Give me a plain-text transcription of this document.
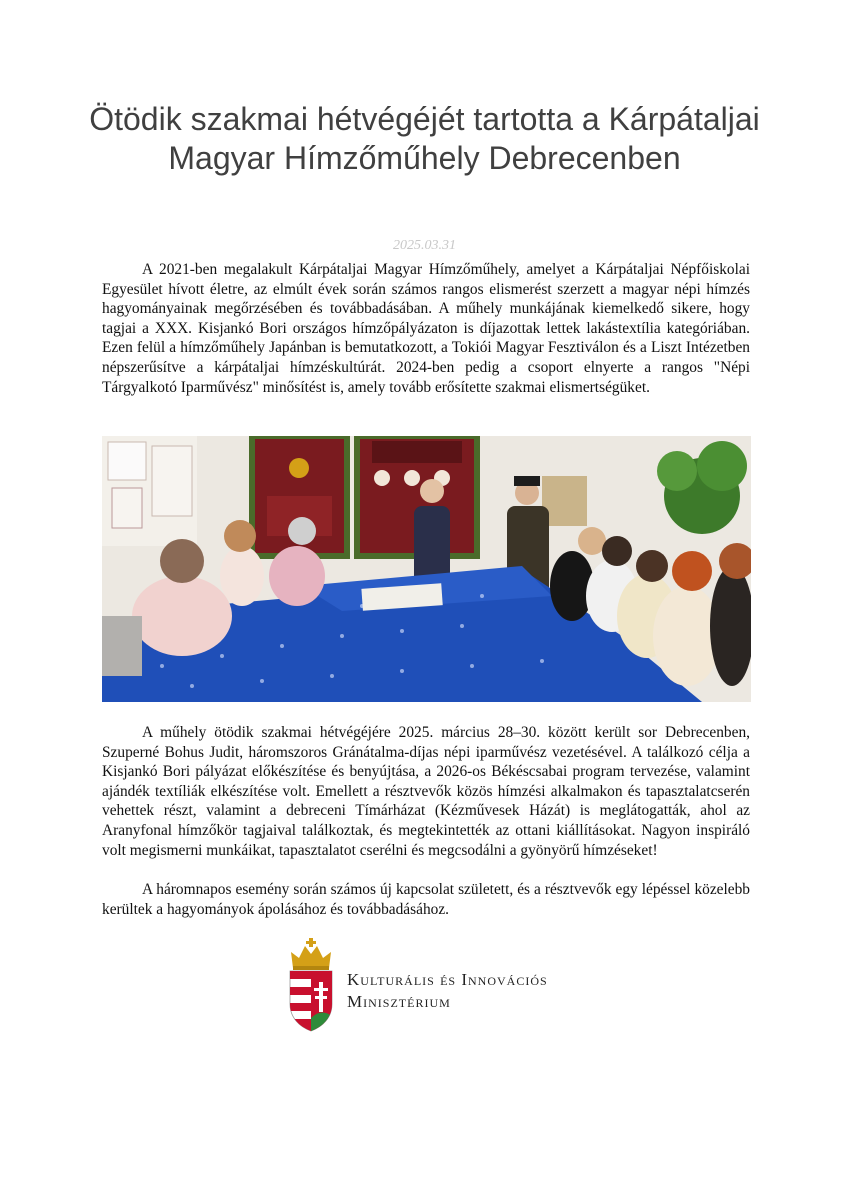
Ötödik szakmai hétvégéjét tartotta a Kárpátaljai Magyar Hímzőműhely Debrecenben
2025.03.31

A 2021-ben megalakult Kárpátaljai Magyar Hímzőműhely, amelyet a Kárpátaljai Népfőiskolai Egyesület hívott életre, az elmúlt évek során számos rangos elismerést szerzett a magyar népi hímzés hagyományainak megőrzésében és továbbadásában. A műhely munkájának kiemelkedő sikere, hogy tagjai a XXX. Kisjankó Bori országos hímzőpályázaton is díjazottak lettek lakástextília kategóriában. Ezen felül a hímzőműhely Japánban is bemutatkozott, a Tokiói Magyar Fesztiválon és a Liszt Intézetben népszerűsítve a kárpátaljai hímzéskultúrát. 2024-ben pedig a csoport elnyerte a rangos "Népi Tárgyalkotó Iparművész" minősítést is, amely tovább erősítette szakmai elismertségüket.

A műhely ötödik szakmai hétvégéjére 2025. március 28–30. között került sor Debrecenben, Szuperné Bohus Judit, háromszoros Gránátalma-díjas népi iparművész vezetésével. A találkozó célja a Kisjankó Bori pályázat előkészítése és benyújtása, a 2026-os Békéscsabai program tervezése, valamint ajándék textíliák elkészítése volt. Emellett a résztvevők közös hímzési alkalmakon és tapasztalatcserén vehettek részt, valamint a debreceni Tímárházat (Kézművesek Házát) is meglátogatták, ahol az Aranyfonal hímzőkör tagjaival találkoztak, és megtekintették az ottani kiállításokat. Nagyon inspiráló volt megismerni munkáikat, tapasztalatot cserélni és megcsodálni a gyönyörű hímzéseket!

A háromnapos esemény során számos új kapcsolat született, és a résztvevők egy lépéssel közelebb kerültek a hagyományok ápolásához és továbbadásához.

Kulturális és Innovációs
Minisztérium
